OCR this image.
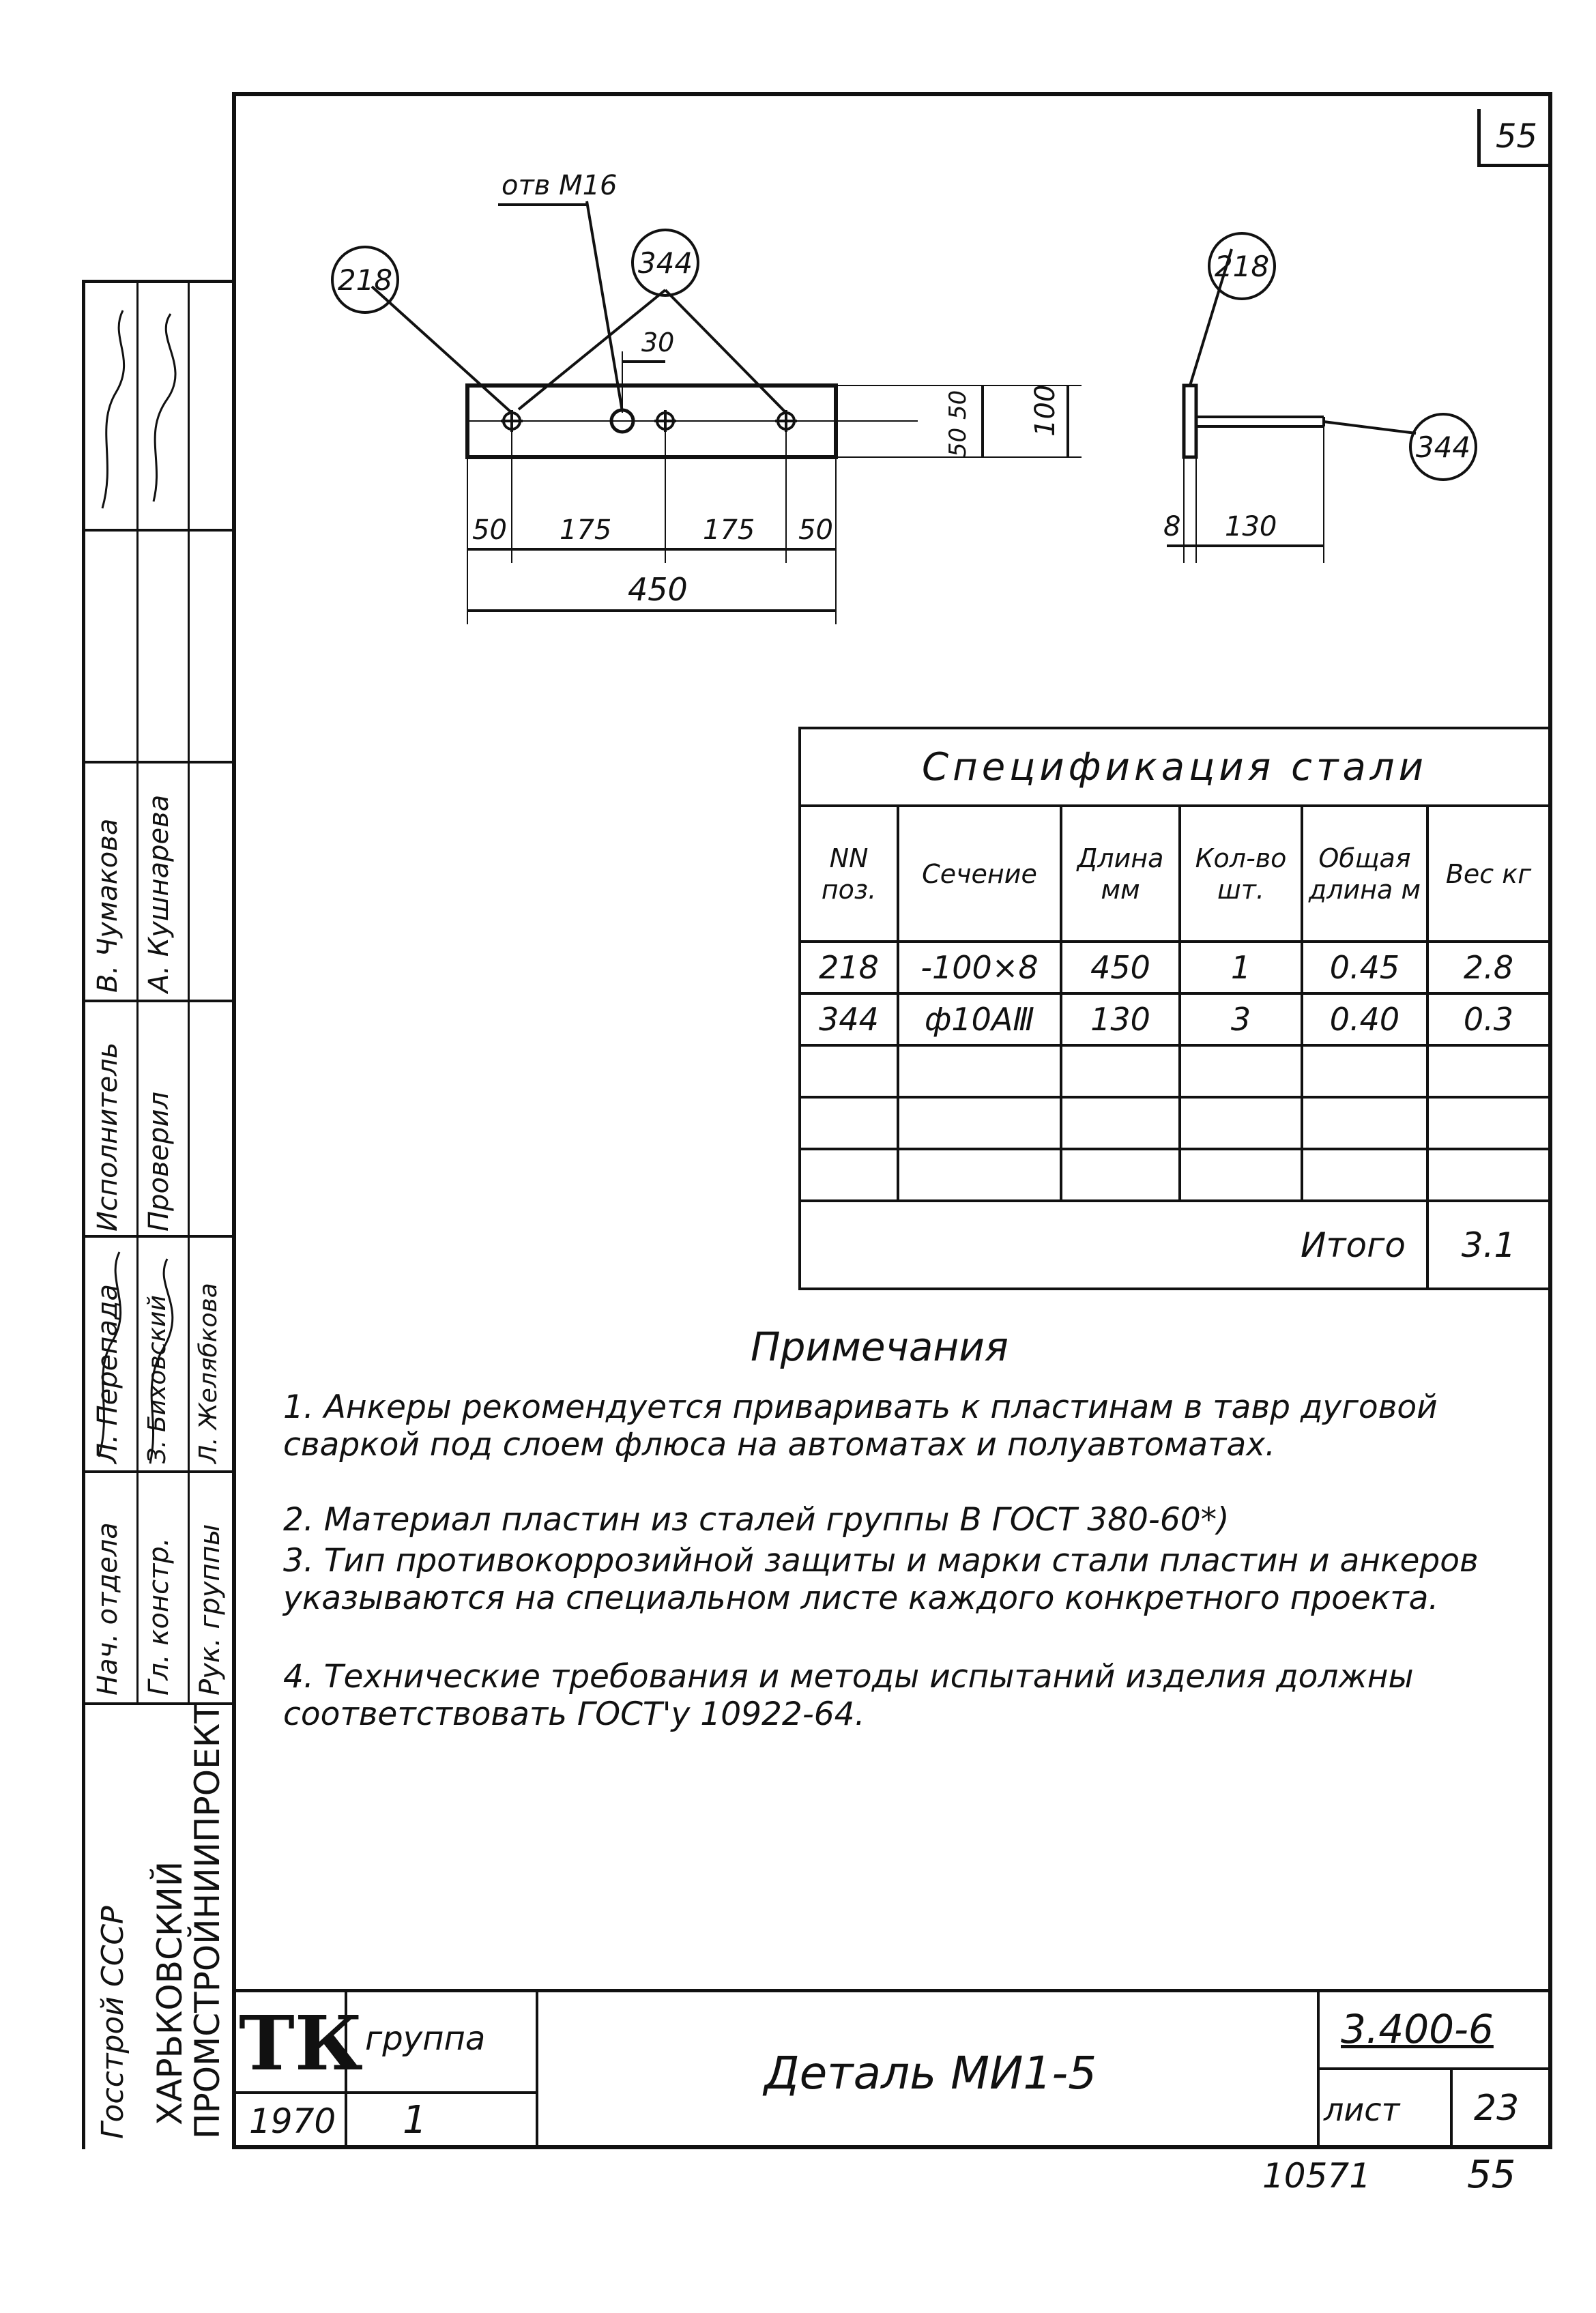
55
отв М16
218
344	218
344
30
50 175	175 50
450
50
50
100
8 130
Спецификация стали					
NN поз.	Сечение	Длина мм	Кол-во шт.	Общая длина м	Вес кг
218	-100×8	450	1	0.45	2.8
344	ф10АⅢ	130	3	0.40	0.3

Итого					3.1
Примечания
1. Анкеры рекомендуется приваривать к пластинам в тавр дуговой сваркой под слоем флюса на автоматах и полуавтоматах.
2. Материал пластин из сталей группы В ГОСТ 380-60*)
3. Тип противокоррозийной защиты и марки стали пластин и анкеров указываются на специальном листе каждого конкретного проекта.
4. Технические требования и методы испытаний изделия должны соответствовать ГОСТ'у 10922-64.
Нач. отдела
Исполнитель
Гл. констр.
Проверил
Рук. группы
Л. Перепада З. Биховский Л. Желябкова
В. Чумакова А. Кушнарева
Госстрой СССР ХАРЬКОВСКИЙ
ПРОМСТРОЙНИИПРОЕКТ ТК
1970
группа
1
Деталь МИ1-5
3.400-6
лист 23
10571	55
